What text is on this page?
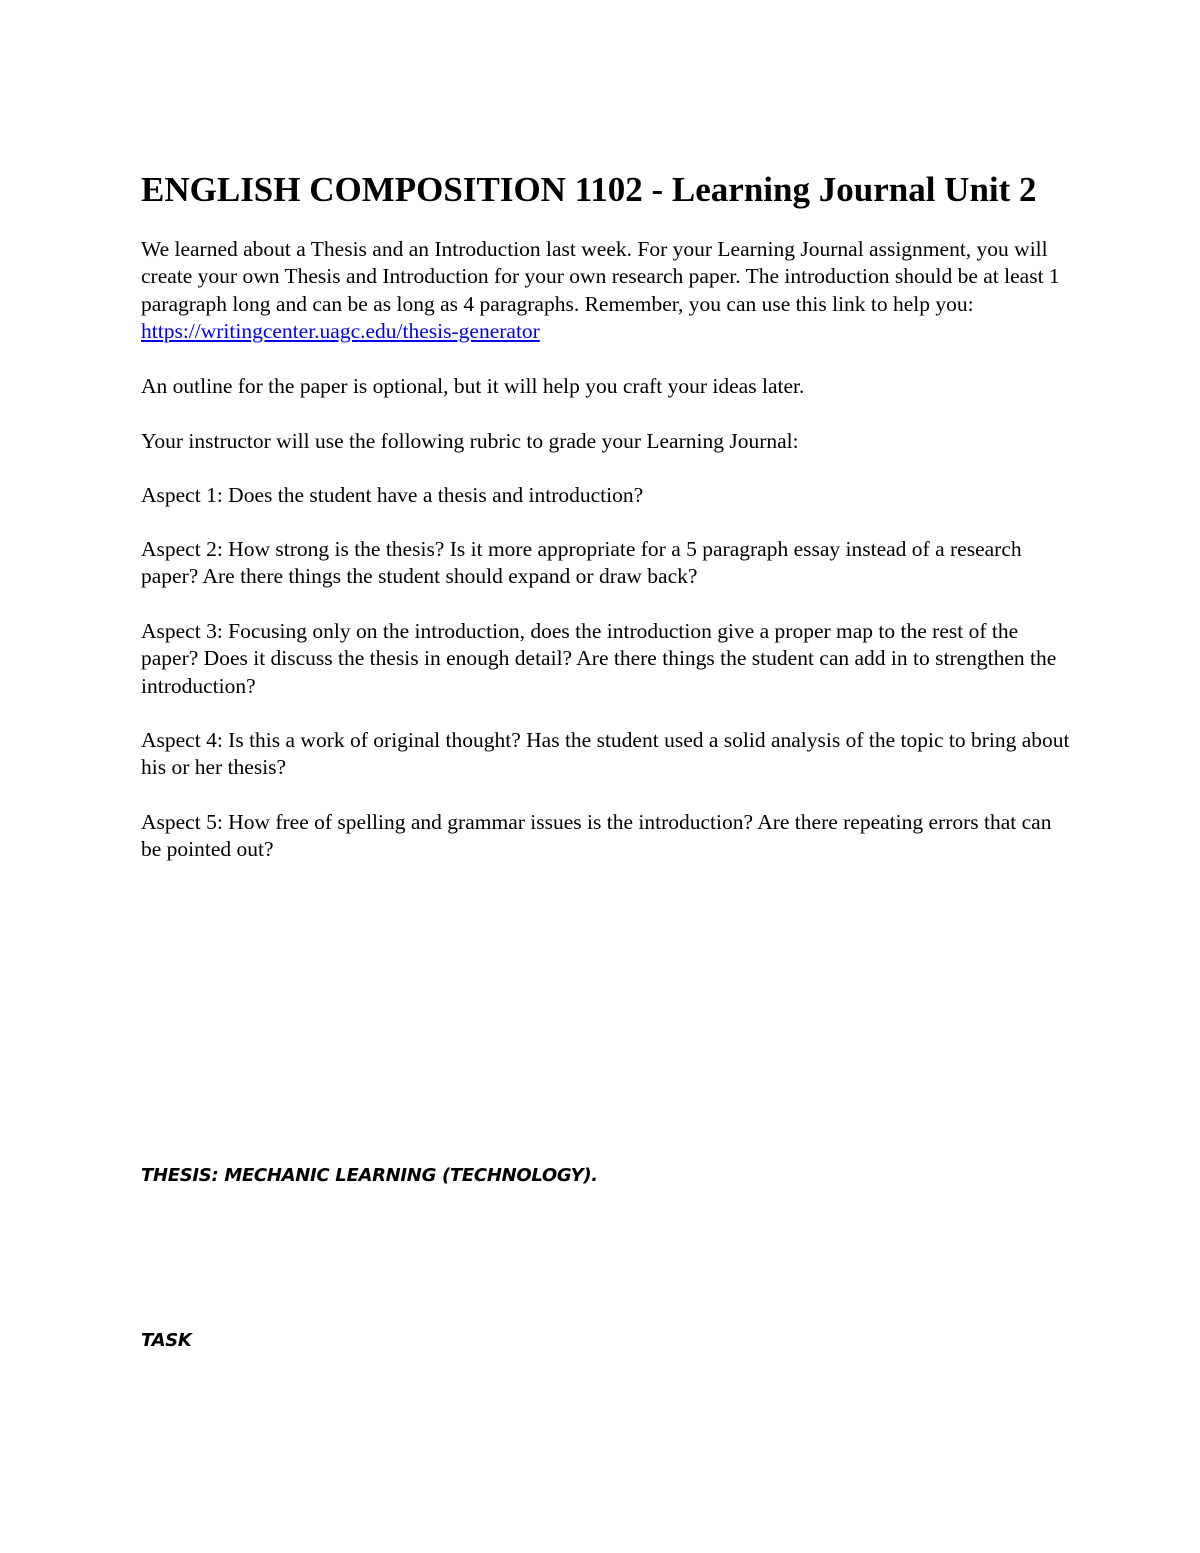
ENGLISH COMPOSITION 1102 - Learning Journal Unit 2

We learned about a Thesis and an Introduction last week. For your Learning Journal assignment, you will create your own Thesis and Introduction for your own research paper. The introduction should be at least 1 paragraph long and can be as long as 4 paragraphs. Remember, you can use this link to help you: https://writingcenter.uagc.edu/thesis-generator

An outline for the paper is optional, but it will help you craft your ideas later.

Your instructor will use the following rubric to grade your Learning Journal:

Aspect 1: Does the student have a thesis and introduction?

Aspect 2: How strong is the thesis? Is it more appropriate for a 5 paragraph essay instead of a research paper? Are there things the student should expand or draw back?

Aspect 3: Focusing only on the introduction, does the introduction give a proper map to the rest of the paper? Does it discuss the thesis in enough detail? Are there things the student can add in to strengthen the introduction?

Aspect 4: Is this a work of original thought? Has the student used a solid analysis of the topic to bring about his or her thesis?

Aspect 5: How free of spelling and grammar issues is the introduction? Are there repeating errors that can be pointed out?

THESIS: MECHANIC LEARNING (TECHNOLOGY).

TASK
